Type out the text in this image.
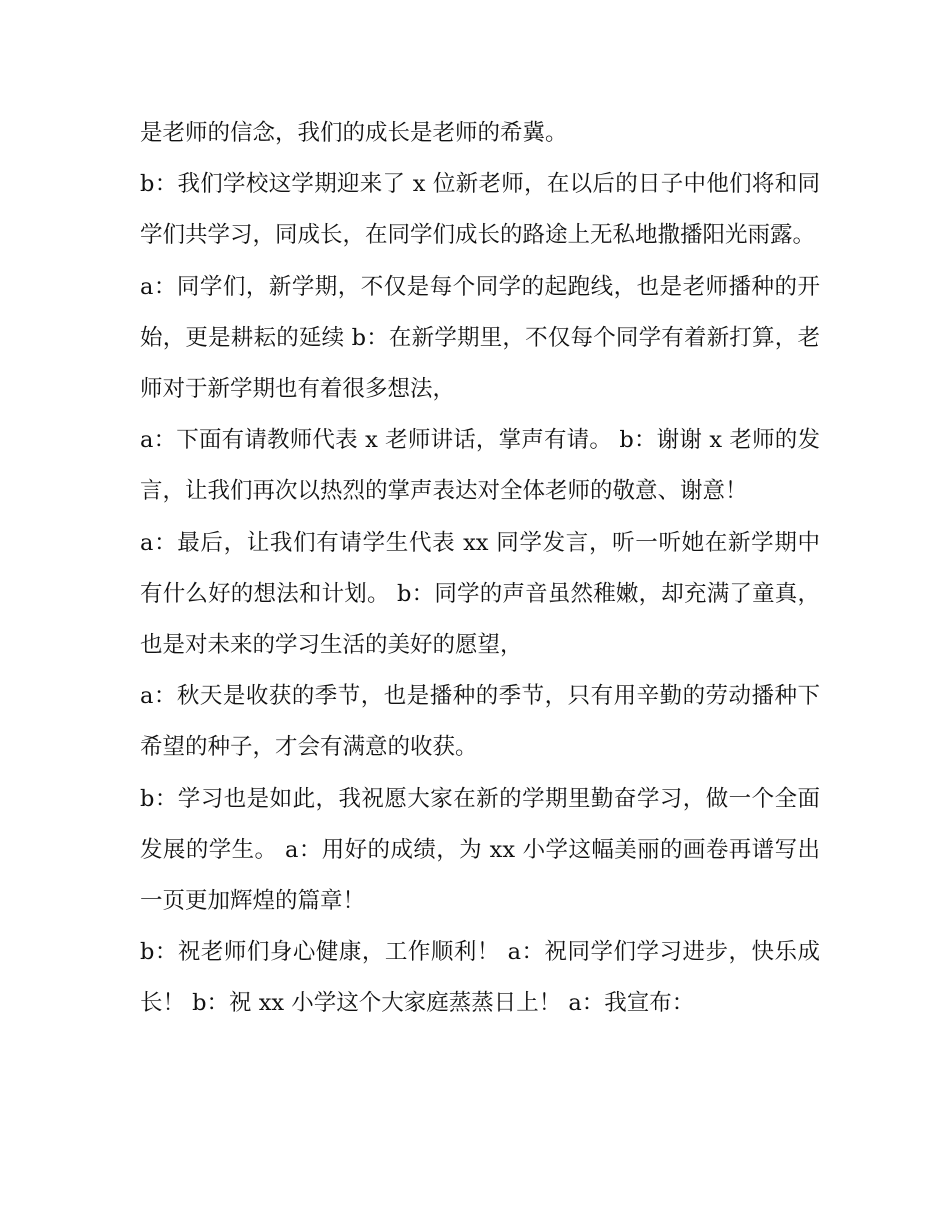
是老师的信念，我们的成长是老师的希冀。

b：我们学校这学期迎来了 x 位新老师，在以后的日子中他们将和同学们共学习，同成长，在同学们成长的路途上无私地撒播阳光雨露。

a：同学们，新学期，不仅是每个同学的起跑线，也是老师播种的开始，更是耕耘的延续 b：在新学期里，不仅每个同学有着新打算，老师对于新学期也有着很多想法，

a：下面有请教师代表 x 老师讲话，掌声有请。 b：谢谢 x 老师的发言，让我们再次以热烈的掌声表达对全体老师的敬意、谢意！

a：最后，让我们有请学生代表 xx 同学发言，听一听她在新学期中有什么好的想法和计划。 b：同学的声音虽然稚嫩，却充满了童真，也是对未来的学习生活的美好的愿望，

a：秋天是收获的季节，也是播种的季节，只有用辛勤的劳动播种下希望的种子，才会有满意的收获。

b：学习也是如此，我祝愿大家在新的学期里勤奋学习，做一个全面发展的学生。 a：用好的成绩，为 xx 小学这幅美丽的画卷再谱写出一页更加辉煌的篇章！

b：祝老师们身心健康，工作顺利！ a：祝同学们学习进步，快乐成长！ b：祝 xx 小学这个大家庭蒸蒸日上！ a：我宣布：
